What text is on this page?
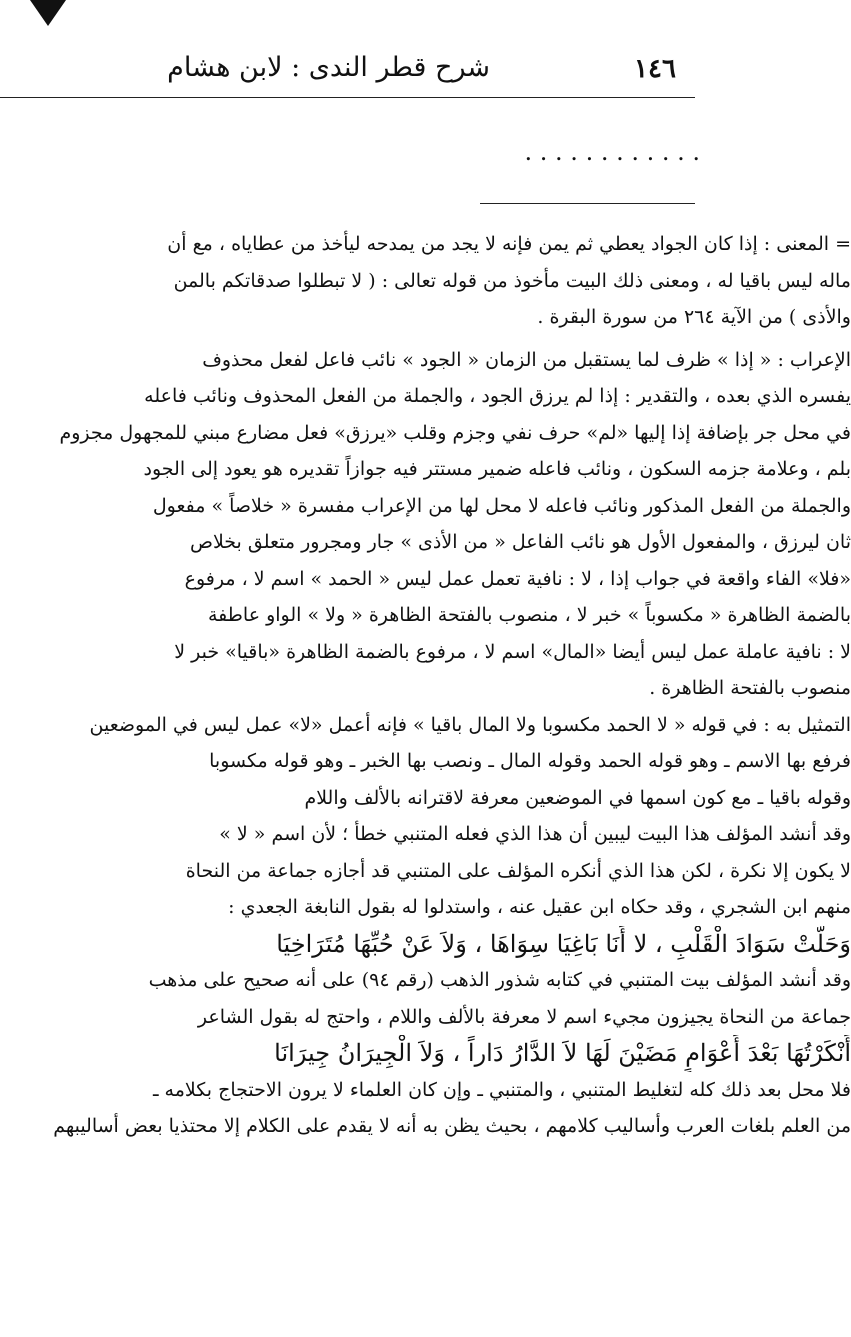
١٤٦
شرح قطر الندى : لابن هشام
. . . . . . . . . . . .
= المعنى : إذا كان الجواد يعطي ثم يمن فإنه لا يجد من يمدحه ليأخذ من عطاياه ، مع أن
ماله ليس باقيا له ، ومعنى ذلك البيت مأخوذ من قوله تعالى : ( لا تبطلوا صدقاتكم بالمن
والأذى ) من الآية ٢٦٤ من سورة البقرة .
الإعراب : « إذا » ظرف لما يستقبل من الزمان « الجود » نائب فاعل لفعل محذوف
يفسره الذي بعده ، والتقدير : إذا لم يرزق الجود ، والجملة من الفعل المحذوف ونائب فاعله
في محل جر بإضافة إذا إليها «لم» حرف نفي وجزم وقلب «يرزق» فعل مضارع مبني للمجهول مجزوم
بلم ، وعلامة جزمه السكون ، ونائب فاعله ضمير مستتر فيه جوازاً تقديره هو يعود إلى الجود
والجملة من الفعل المذكور ونائب فاعله لا محل لها من الإعراب مفسرة « خلاصاً » مفعول
ثان ليرزق ، والمفعول الأول هو نائب الفاعل « من الأذى » جار ومجرور متعلق بخلاص
«فلا» الفاء واقعة في جواب إذا ، لا : نافية تعمل عمل ليس « الحمد » اسم لا ، مرفوع
بالضمة الظاهرة « مكسوباً » خبر لا ، منصوب بالفتحة الظاهرة « ولا » الواو عاطفة
لا : نافية عاملة عمل ليس أيضا «المال» اسم لا ، مرفوع بالضمة الظاهرة «باقيا» خبر لا
منصوب بالفتحة الظاهرة .
التمثيل به : في قوله « لا الحمد مكسوبا ولا المال باقيا » فإنه أعمل «لا» عمل ليس في الموضعين
فرفع بها الاسم ـ وهو قوله الحمد وقوله المال ـ ونصب بها الخبر ـ وهو قوله مكسوبا
وقوله باقيا ـ مع كون اسمها في الموضعين معرفة لاقترانه بالألف واللام
وقد أنشد المؤلف هذا البيت ليبين أن هذا الذي فعله المتنبي خطأ ؛ لأن اسم « لا »
لا يكون إلا نكرة ، لكن هذا الذي أنكره المؤلف على المتنبي قد أجازه جماعة من النحاة
منهم ابن الشجري ، وقد حكاه ابن عقيل عنه ، واستدلوا له بقول النابغة الجعدي :
وَحَلَّتْ سَوَادَ الْقَلْبِ ، لا أَنَا بَاغِيَا سِوَاهَا ، وَلاَ عَنْ حُبِّهَا مُتَرَاخِيَا
وقد أنشد المؤلف بيت المتنبي في كتابه شذور الذهب (رقم ٩٤) على أنه صحيح على مذهب
جماعة من النحاة يجيزون مجيء اسم لا معرفة بالألف واللام ، واحتج له بقول الشاعر
أَنْكَرْتُهَا بَعْدَ أَعْوَامٍ مَضَيْنَ لَهَا لاَ الدَّارُ دَاراً ، وَلاَ الْجِيرَانُ جِيرَانَا
فلا محل بعد ذلك كله لتغليط المتنبي ، والمتنبي ـ وإن كان العلماء لا يرون الاحتجاج بكلامه ـ
من العلم بلغات العرب وأساليب كلامهم ، بحيث يظن به أنه لا يقدم على الكلام إلا محتذيا بعض أساليبهم
